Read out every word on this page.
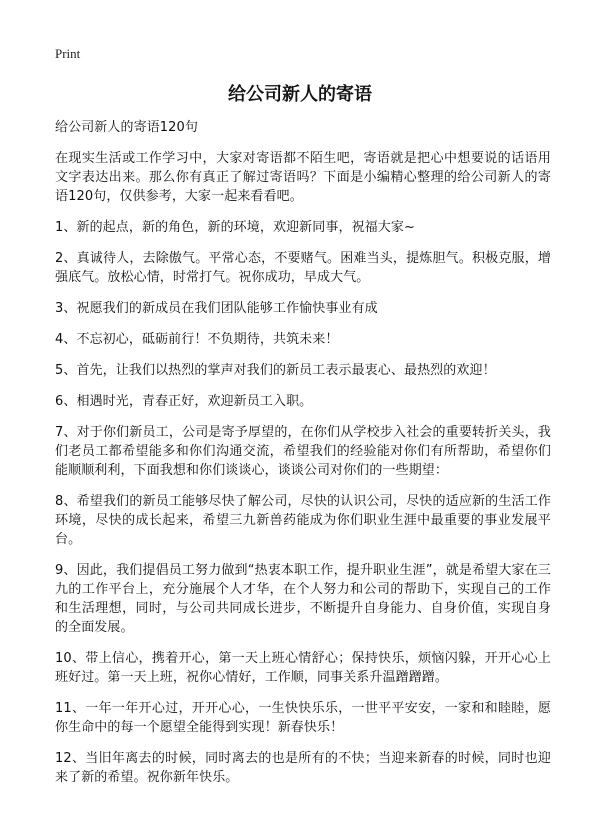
Print
给公司新人的寄语

给公司新人的寄语120句

在现实生活或工作学习中，大家对寄语都不陌生吧，寄语就是把心中想要说的话语用文字表达出来。那么你有真正了解过寄语吗？下面是小编精心整理的给公司新人的寄语120句，仅供参考，大家一起来看看吧。

1、新的起点，新的角色，新的环境，欢迎新同事，祝福大家~

2、真诚待人，去除傲气。平常心态，不要赌气。困难当头，提炼胆气。积极克服，增强底气。放松心情，时常打气。祝你成功，早成大气。

3、祝愿我们的新成员在我们团队能够工作愉快事业有成

4、不忘初心，砥砺前行！不负期待，共筑未来！

5、首先，让我们以热烈的掌声对我们的新员工表示最衷心、最热烈的欢迎！

6、相遇时光，青春正好，欢迎新员工入职。

7、对于你们新员工，公司是寄予厚望的，在你们从学校步入社会的重要转折关头，我们老员工都希望能多和你们沟通交流，希望我们的经验能对你们有所帮助，希望你们能顺顺利利，下面我想和你们谈谈心，谈谈公司对你们的一些期望：

8、希望我们的新员工能够尽快了解公司，尽快的认识公司，尽快的适应新的生活工作环境，尽快的成长起来，希望三九新兽药能成为你们职业生涯中最重要的事业发展平台。

9、因此，我们提倡员工努力做到“热衷本职工作，提升职业生涯”，就是希望大家在三九的工作平台上，充分施展个人才华，在个人努力和公司的帮助下，实现自己的工作和生活理想，同时，与公司共同成长进步，不断提升自身能力、自身价值，实现自身的全面发展。

10、带上信心，携着开心，第一天上班心情舒心；保持快乐，烦恼闪躲，开开心心上班好过。第一天上班，祝你心情好，工作顺，同事关系升温蹭蹭蹭。

11、一年一年开心过，开开心心，一生快快乐乐，一世平平安安，一家和和睦睦，愿你生命中的每一个愿望全能得到实现！新春快乐！

12、当旧年离去的时候，同时离去的也是所有的不快；当迎来新春的时候，同时也迎来了新的希望。祝你新年快乐。
